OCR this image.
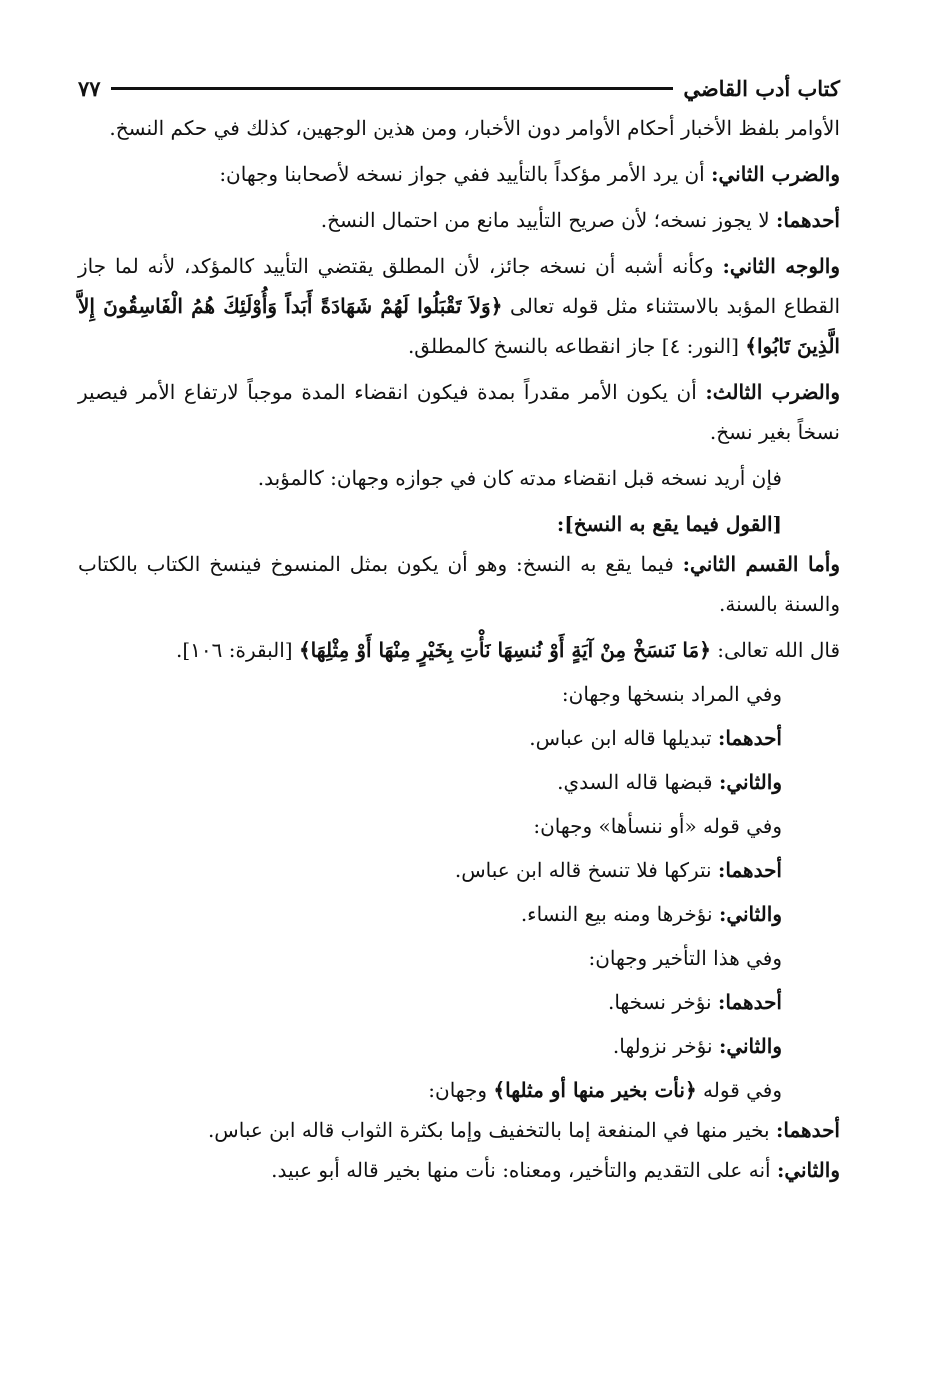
كتاب أدب القاضي
٧٧

الأوامر بلفظ الأخبار أحكام الأوامر دون الأخبار، ومن هذين الوجهين، كذلك في حكم النسخ.

والضرب الثاني: أن يرد الأمر مؤكداً بالتأييد ففي جواز نسخه لأصحابنا وجهان:

أحدهما: لا يجوز نسخه؛ لأن صريح التأييد مانع من احتمال النسخ.

والوجه الثاني: وكأنه أشبه أن نسخه جائز، لأن المطلق يقتضي التأييد كالمؤكد، لأنه لما جاز القطاع المؤبد بالاستثناء مثل قوله تعالى ﴿وَلاَ تَقْبَلُوا لَهُمْ شَهَادَةً أَبَداً وَأُوْلَئِكَ هُمُ الْفَاسِقُونَ إِلاَّ الَّذِينَ تَابُوا﴾ [النور: ٤] جاز انقطاعه بالنسخ كالمطلق.

والضرب الثالث: أن يكون الأمر مقدراً بمدة فيكون انقضاء المدة موجباً لارتفاع الأمر فيصير نسخاً بغير نسخ.

فإن أريد نسخه قبل انقضاء مدته كان في جوازه وجهان: كالمؤبد.

[القول فيما يقع به النسخ]:

وأما القسم الثاني: فيما يقع به النسخ: وهو أن يكون بمثل المنسوخ فينسخ الكتاب بالكتاب والسنة بالسنة.

قال الله تعالى: ﴿مَا نَنسَخْ مِنْ آيَةٍ أَوْ نُنسِهَا نَأْتِ بِخَيْرٍ مِنْهَا أَوْ مِثْلِهَا﴾ [البقرة: ١٠٦].

وفي المراد بنسخها وجهان:

أحدهما: تبديلها قاله ابن عباس.

والثاني: قبضها قاله السدي.

وفي قوله «أو ننسأها» وجهان:

أحدهما: نتركها فلا تنسخ قاله ابن عباس.

والثاني: نؤخرها ومنه بيع النساء.

وفي هذا التأخير وجهان:

أحدهما: نؤخر نسخها.

والثاني: نؤخر نزولها.

وفي قوله ﴿نأت بخير منها أو مثلها﴾ وجهان:

أحدهما: بخير منها في المنفعة إما بالتخفيف وإما بكثرة الثواب قاله ابن عباس.

والثاني: أنه على التقديم والتأخير، ومعناه: نأت منها بخير قاله أبو عبيد.
